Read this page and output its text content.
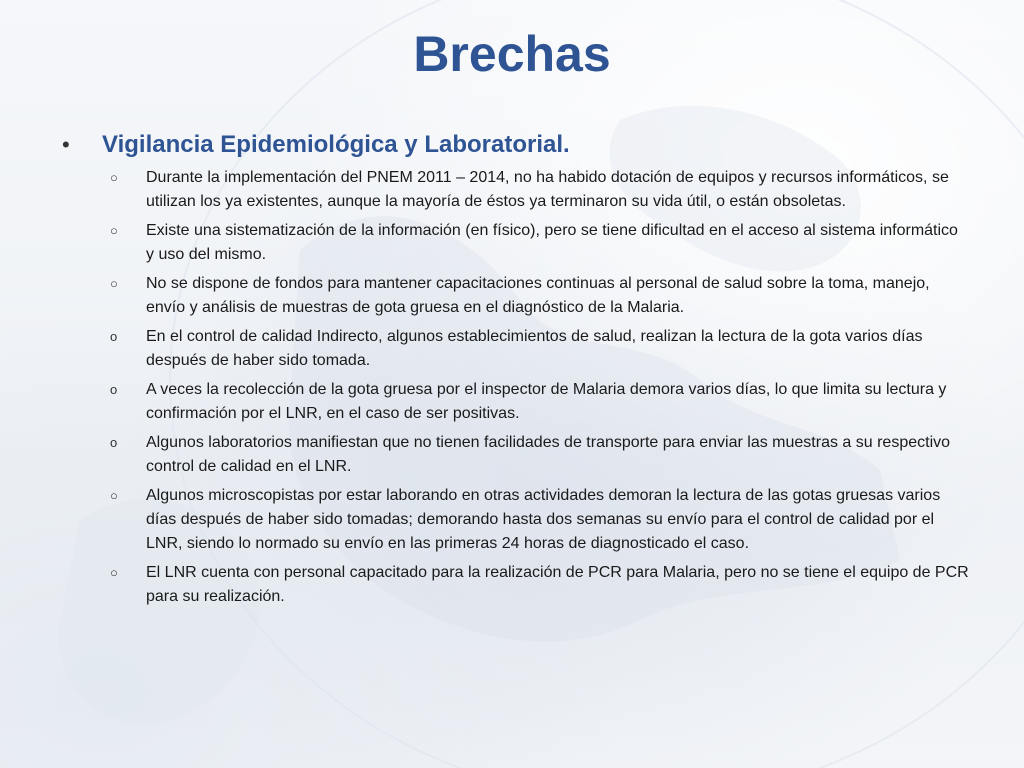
Brechas
•	Vigilancia Epidemiológica y Laboratorial.
○	Durante la implementación del PNEM 2011 – 2014, no ha habido dotación de equipos y recursos informáticos, se utilizan los ya existentes, aunque la mayoría de éstos ya terminaron su vida útil, o están obsoletas.

○	Existe una sistematización de la información (en físico), pero se tiene dificultad en el acceso al sistema informático y uso del mismo.

○	No se dispone de fondos para mantener capacitaciones continuas al personal de salud sobre la toma, manejo, envío y análisis de muestras de gota gruesa en el diagnóstico de la Malaria.

o	En el control de calidad Indirecto, algunos establecimientos de salud, realizan la lectura de la gota varios días después de haber sido tomada.

o	A veces la recolección de la gota gruesa por el inspector de Malaria demora varios días, lo que limita su lectura y confirmación por el LNR, en el caso de ser positivas.

o	Algunos laboratorios manifiestan que no tienen facilidades de transporte para enviar las muestras a su respectivo control de calidad en el LNR.

○	Algunos microscopistas por estar laborando en otras actividades demoran la lectura de las gotas gruesas varios días después de haber sido tomadas; demorando hasta dos semanas su envío para el control de calidad por el LNR, siendo lo normado su envío en las primeras 24 horas de diagnosticado el caso.

○	El LNR cuenta con personal capacitado para la realización de PCR para Malaria, pero no se tiene el equipo de PCR para su realización.
